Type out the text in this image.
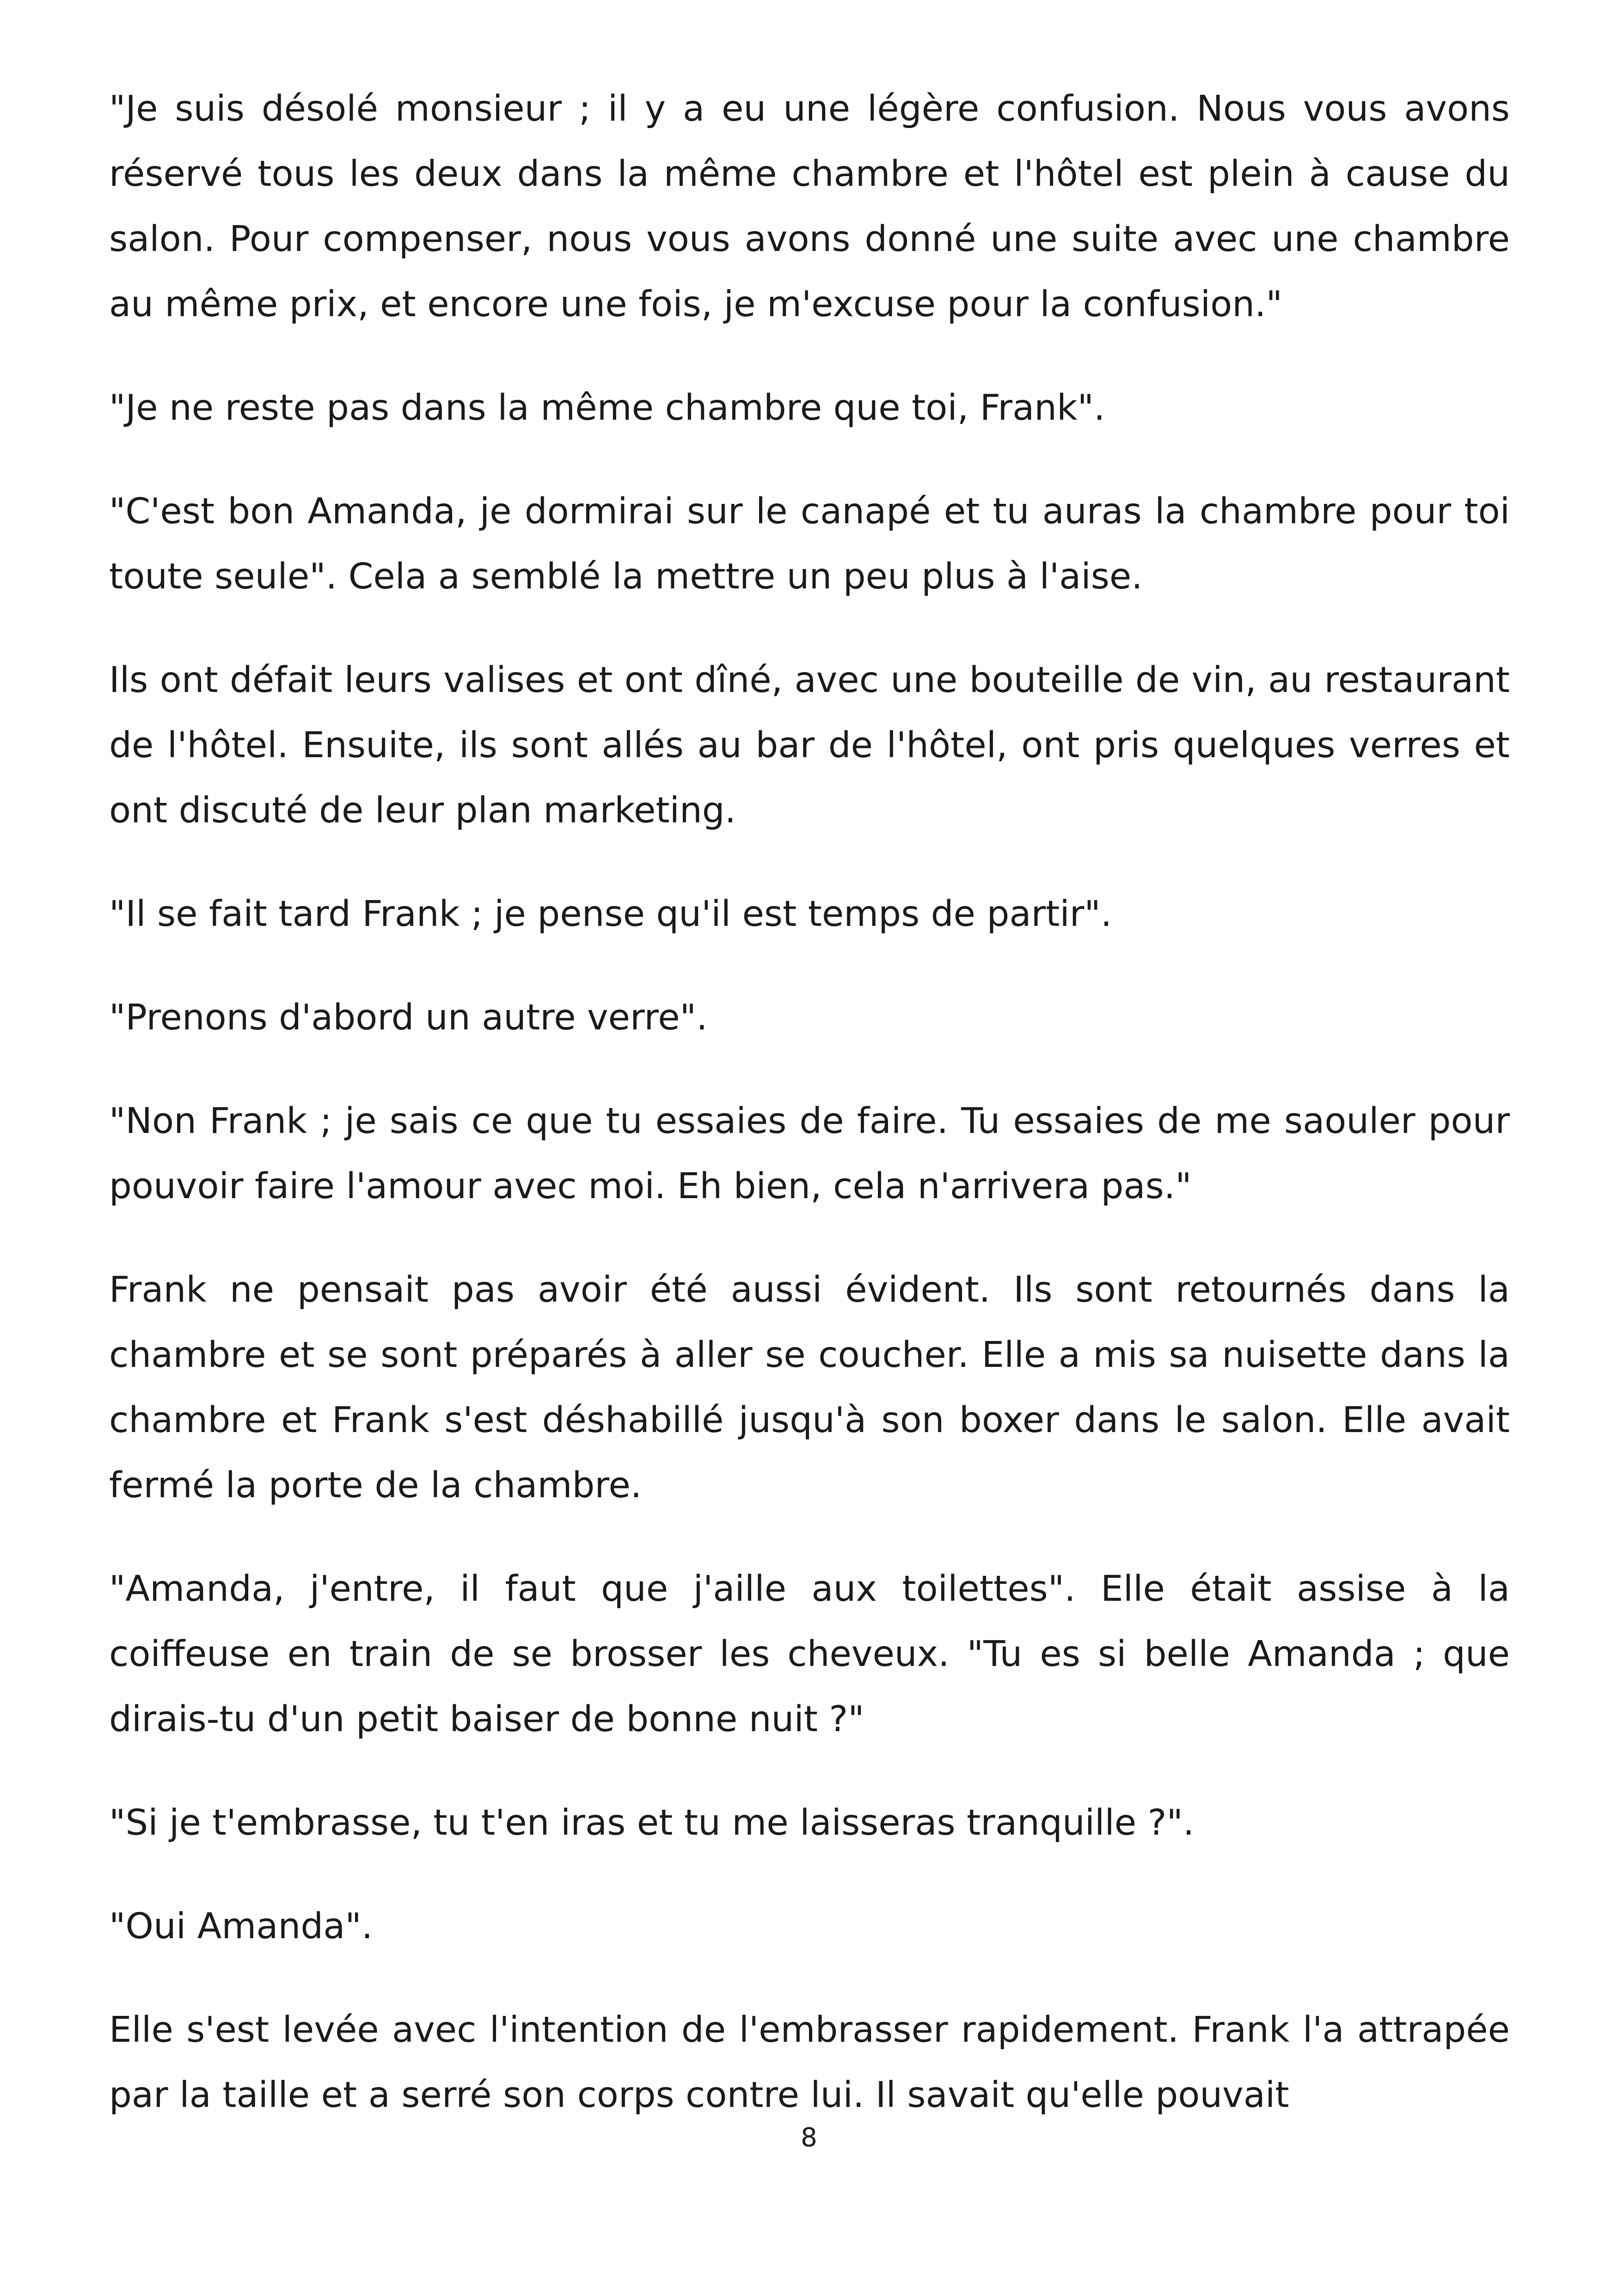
"Je suis désolé monsieur ; il y a eu une légère confusion. Nous vous avons réservé tous les deux dans la même chambre et l'hôtel est plein à cause du salon. Pour compenser, nous vous avons donné une suite avec une chambre au même prix, et encore une fois, je m'excuse pour la confusion."

"Je ne reste pas dans la même chambre que toi, Frank".

"C'est bon Amanda, je dormirai sur le canapé et tu auras la chambre pour toi toute seule". Cela a semblé la mettre un peu plus à l'aise.

Ils ont défait leurs valises et ont dîné, avec une bouteille de vin, au restaurant de l'hôtel. Ensuite, ils sont allés au bar de l'hôtel, ont pris quelques verres et ont discuté de leur plan marketing.

"Il se fait tard Frank ; je pense qu'il est temps de partir".

"Prenons d'abord un autre verre".

"Non Frank ; je sais ce que tu essaies de faire. Tu essaies de me saouler pour pouvoir faire l'amour avec moi. Eh bien, cela n'arrivera pas."

Frank ne pensait pas avoir été aussi évident. Ils sont retournés dans la chambre et se sont préparés à aller se coucher. Elle a mis sa nuisette dans la chambre et Frank s'est déshabillé jusqu'à son boxer dans le salon. Elle avait fermé la porte de la chambre.

"Amanda, j'entre, il faut que j'aille aux toilettes". Elle était assise à la coiffeuse en train de se brosser les cheveux. "Tu es si belle Amanda ; que dirais-tu d'un petit baiser de bonne nuit ?"

"Si je t'embrasse, tu t'en iras et tu me laisseras tranquille ?".

"Oui Amanda".

Elle s'est levée avec l'intention de l'embrasser rapidement. Frank l'a attrapée par la taille et a serré son corps contre lui. Il savait qu'elle pouvait

8
